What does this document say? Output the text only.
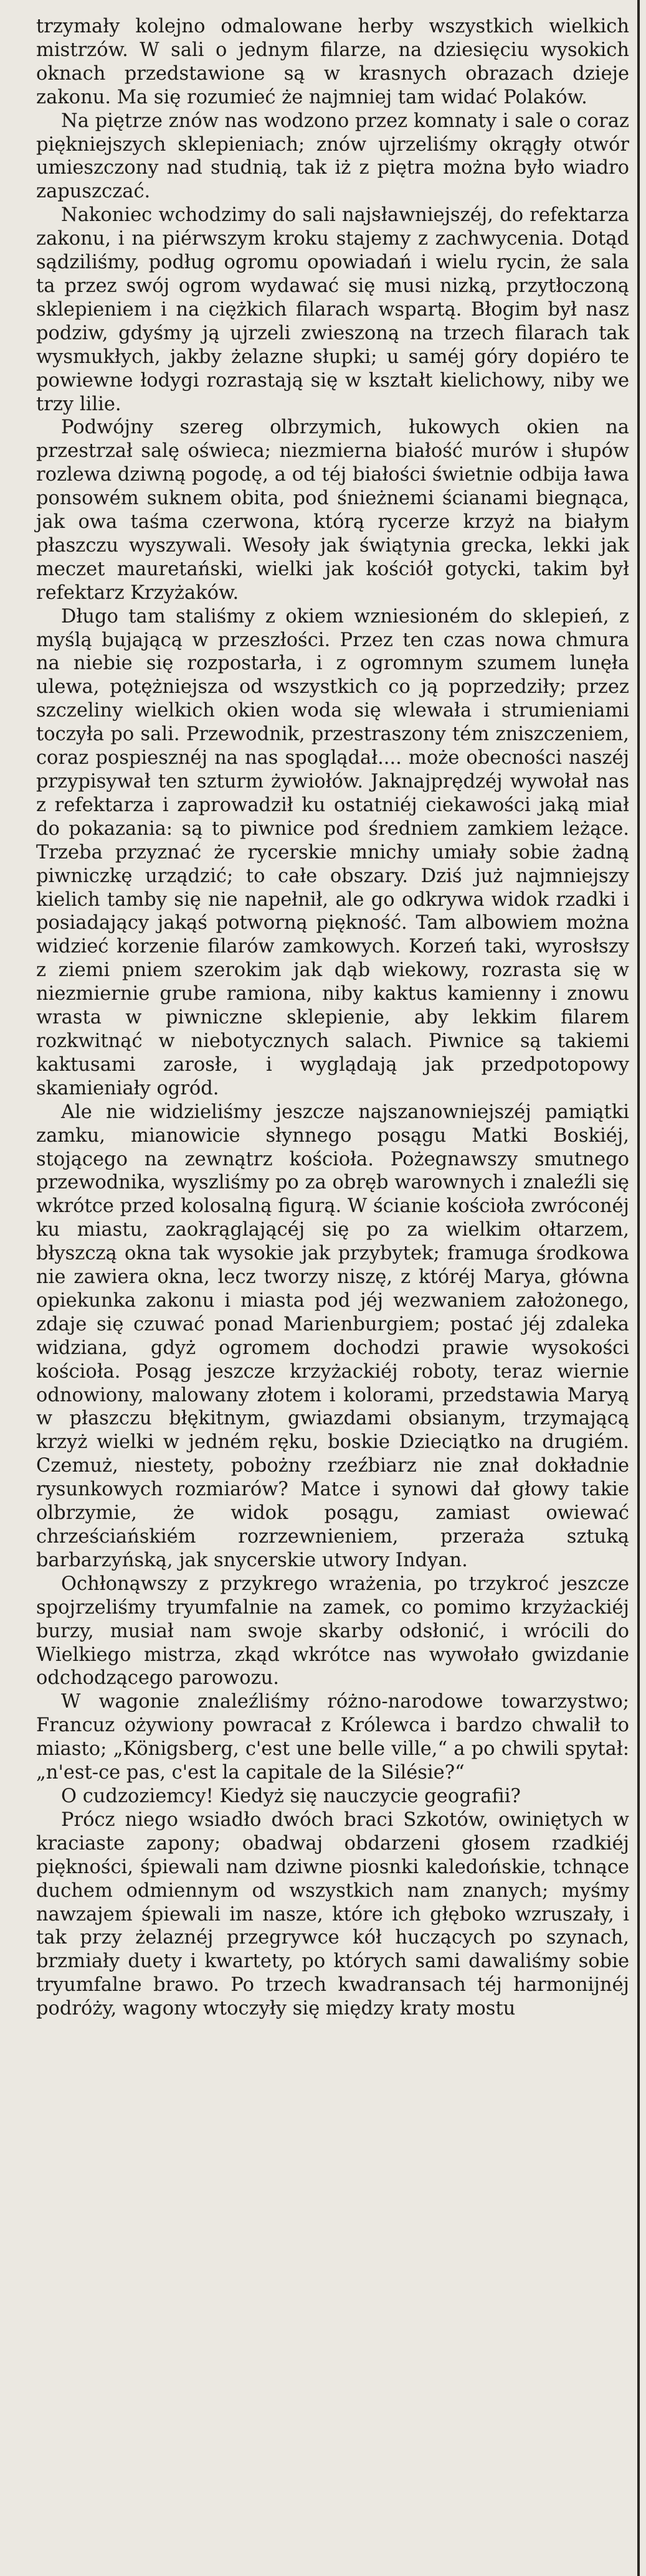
trzymały kolejno odmalowane herby wszystkich wielkich mistrzów. W sali o jednym filarze, na dziesięciu wysokich oknach przedstawione są w krasnych obrazach dzieje zakonu. Ma się rozumieć że najmniej tam widać Polaków.

Na piętrze znów nas wodzono przez komnaty i sale o coraz piękniejszych sklepieniach; znów ujrzeliśmy okrągły otwór umieszczony nad studnią, tak iż z piętra można było wiadro zapuszczać.

Nakoniec wchodzimy do sali najsławniejszéj, do refektarza zakonu, i na piérwszym kroku stajemy z zachwycenia. Dotąd sądziliśmy, podług ogromu opowiadań i wielu rycin, że sala ta przez swój ogrom wydawać się musi nizką, przytłoczoną sklepieniem i na ciężkich filarach wspartą. Błogim był nasz podziw, gdyśmy ją ujrzeli zwieszoną na trzech filarach tak wysmukłych, jakby żelazne słupki; u saméj góry dopiéro te powiewne łodygi rozrastają się w kształt kielichowy, niby we trzy lilie.

Podwójny szereg olbrzymich, łukowych okien na przestrzał salę oświeca; niezmierna białość murów i słupów rozlewa dziwną pogodę, a od téj białości świetnie odbija ława ponsowém suknem obita, pod śnieżnemi ścianami biegnąca, jak owa taśma czerwona, którą rycerze krzyż na białym płaszczu wyszywali. Wesoły jak świątynia grecka, lekki jak meczet mauretański, wielki jak kościół gotycki, takim był refektarz Krzyżaków.

Długo tam staliśmy z okiem wzniesioném do sklepień, z myślą bujającą w przeszłości. Przez ten czas nowa chmura na niebie się rozpostarła, i z ogromnym szumem lunęła ulewa, potężniejsza od wszystkich co ją poprzedziły; przez szczeliny wielkich okien woda się wlewała i strumieniami toczyła po sali. Przewodnik, przestraszony tém zniszczeniem, coraz pospiesznéj na nas spoglądał.... może obecności naszéj przypisywał ten szturm żywiołów. Jaknajprędzéj wywołał nas z refektarza i zaprowadził ku ostatniéj ciekawości jaką miał do pokazania: są to piwnice pod średniem zamkiem leżące. Trzeba przyznać że rycerskie mnichy umiały sobie żadną piwniczkę urządzić; to całe obszary. Dziś już najmniejszy kielich tamby się nie napełnił, ale go odkrywa widok rzadki i posiadający jakąś potworną piękność. Tam albowiem można widzieć korzenie filarów zamkowych. Korzeń taki, wyrosłszy z ziemi pniem szerokim jak dąb wiekowy, rozrasta się w niezmiernie grube ramiona, niby kaktus kamienny i znowu wrasta w piwniczne sklepienie, aby lekkim filarem rozkwitnąć w niebotycznych salach. Piwnice są takiemi kaktusami zarosłe, i wyglądają jak przedpotopowy skamieniały ogród.

Ale nie widzieliśmy jeszcze najszanowniejszéj pamiątki zamku, mianowicie słynnego posągu Matki Boskiéj, stojącego na zewnątrz kościoła. Pożegnawszy smutnego przewodnika, wyszliśmy po za obręb warownych i znaleźli się wkrótce przed kolosalną figurą. W ścianie kościoła zwróconéj ku miastu, zaokrąglającéj się po za wielkim ołtarzem, błyszczą okna tak wysokie jak przybytek; framuga środkowa nie zawiera okna, lecz tworzy niszę, z któréj Marya, główna opiekunka zakonu i miasta pod jéj wezwaniem założonego, zdaje się czuwać ponad Marienburgiem; postać jéj zdaleka widziana, gdyż ogromem dochodzi prawie wysokości kościoła. Posąg jeszcze krzyżackiéj roboty, teraz wiernie odnowiony, malowany złotem i kolorami, przedstawia Maryą w płaszczu błękitnym, gwiazdami obsianym, trzymającą krzyż wielki w jedném ręku, boskie Dzieciątko na drugiém. Czemuż, niestety, pobożny rzeźbiarz nie znał dokładnie rysunkowych rozmiarów? Matce i synowi dał głowy takie olbrzymie, że widok posągu, zamiast owiewać chrześciańskiém rozrzewnieniem, przeraża sztuką barbarzyńską, jak snycerskie utwory Indyan.

Ochłonąwszy z przykrego wrażenia, po trzykroć jeszcze spojrzeliśmy tryumfalnie na zamek, co pomimo krzyżackiéj burzy, musiał nam swoje skarby odsłonić, i wrócili do Wielkiego mistrza, zkąd wkrótce nas wywołało gwizdanie odchodzącego parowozu.

W wagonie znaleźliśmy różno-narodowe towarzystwo; Francuz ożywiony powracał z Królewca i bardzo chwalił to miasto; „Königsberg, c'est une belle ville,“ a po chwili spytał: „n'est-ce pas, c'est la capitale de la Silésie?“

O cudzoziemcy! Kiedyż się nauczycie geografii?

Prócz niego wsiadło dwóch braci Szkotów, owiniętych w kraciaste zapony; obadwaj obdarzeni głosem rzadkiéj piękności, śpiewali nam dziwne piosnki kaledońskie, tchnące duchem odmiennym od wszystkich nam znanych; myśmy nawzajem śpiewali im nasze, które ich głęboko wzruszały, i tak przy żelaznéj przegrywce kół huczących po szynach, brzmiały duety i kwartety, po których sami dawaliśmy sobie tryumfalne brawo. Po trzech kwadransach téj harmonijnéj podróży, wagony wtoczyły się między kraty mostu
